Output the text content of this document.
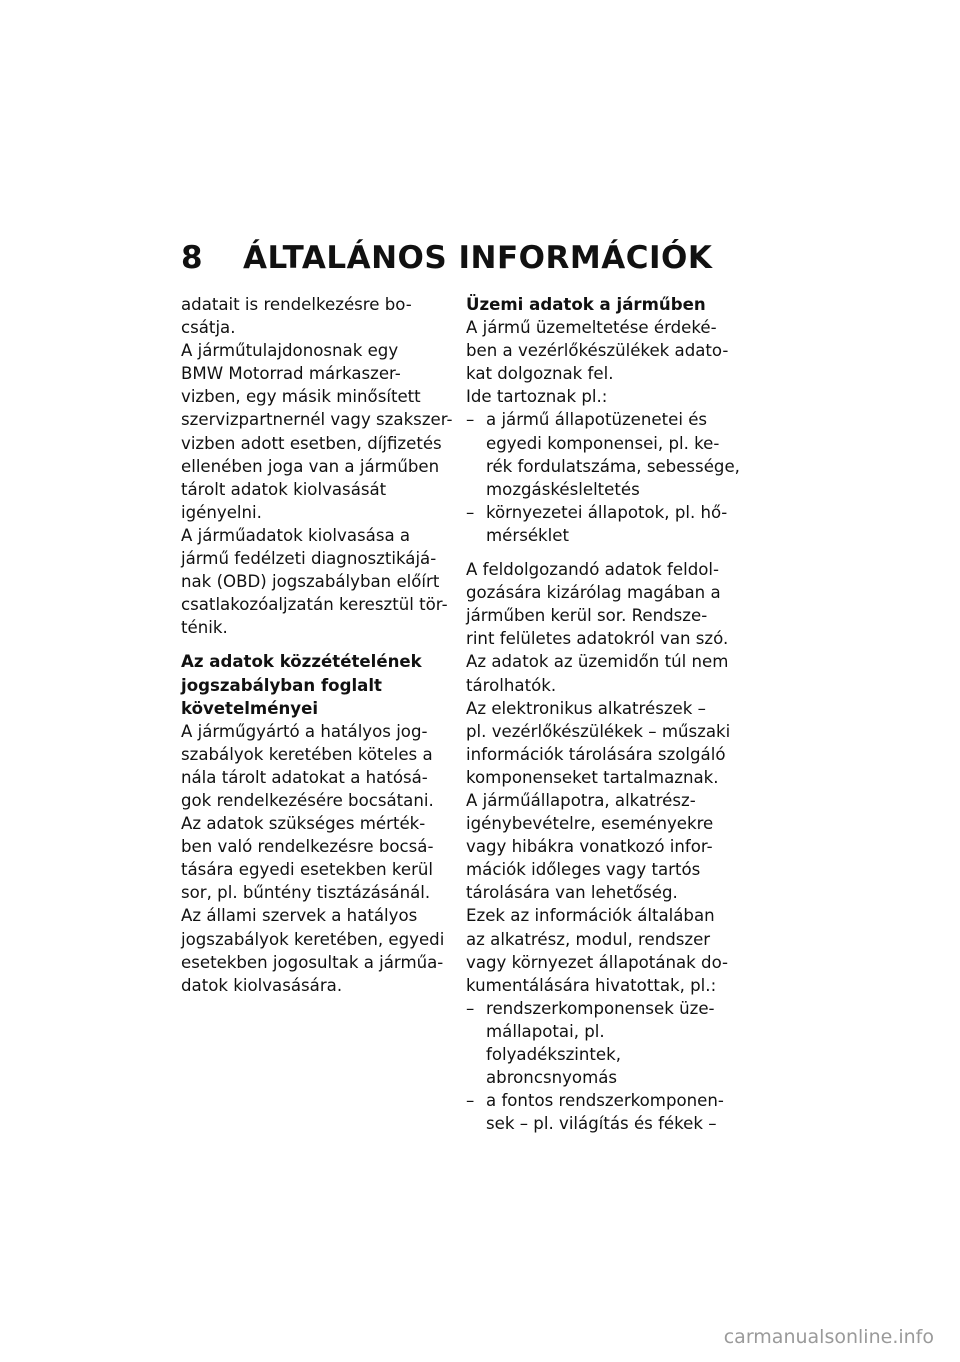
8 ÁLTALÁNOS INFORMÁCIÓK

adatait is rendelkezésre bo-

csátja.

A járműtulajdonosnak egy

BMW Motorrad márkaszer-

vizben, egy másik minősített

szervizpartnernél vagy szakszer-

vizben adott esetben, díjfizetés

ellenében joga van a járműben

tárolt adatok kiolvasását

igényelni.

A járműadatok kiolvasása a

jármű fedélzeti diagnosztikájá-

nak (OBD) jogszabályban előírt

csatlakozóaljzatán keresztül tör-

ténik.

Az adatok közzétételének
jogszabályban foglalt
követelményei

A járműgyártó a hatályos jog-

szabályok keretében köteles a

nála tárolt adatokat a hatósá-

gok rendelkezésére bocsátani.

Az adatok szükséges mérték-

ben való rendelkezésre bocsá-

tására egyedi esetekben kerül

sor, pl. bűntény tisztázásánál.

Az állami szervek a hatályos

jogszabályok keretében, egyedi

esetekben jogosultak a járműa-

datok kiolvasására.

Üzemi adatok a járműben

A jármű üzemeltetése érdeké-

ben a vezérlőkészülékek adato-

kat dolgoznak fel.

Ide tartoznak pl.:

– a jármű állapotüzenetei és

egyedi komponensei, pl. ke-

rék fordulatszáma, sebessége,

mozgáskésleltetés

– környezetei állapotok, pl. hő-

mérséklet

A feldolgozandó adatok feldol-

gozására kizárólag magában a

járműben kerül sor. Rendsze-

rint felületes adatokról van szó.

Az adatok az üzemidőn túl nem

tárolhatók.

Az elektronikus alkatrészek –

pl. vezérlőkészülékek – műszaki

információk tárolására szolgáló

komponenseket tartalmaznak.

A járműállapotra, alkatrész-

igénybevételre, eseményekre

vagy hibákra vonatkozó infor-

mációk időleges vagy tartós

tárolására van lehetőség.

Ezek az információk általában

az alkatrész, modul, rendszer

vagy környezet állapotának do-

kumentálására hivatottak, pl.:

– rendszerkomponensek üze-

mállapotai, pl. folyadékszintek,

abroncsnyomás

– a fontos rendszerkomponen-

sek – pl. világítás és fékek –

carmanualsonline.info
